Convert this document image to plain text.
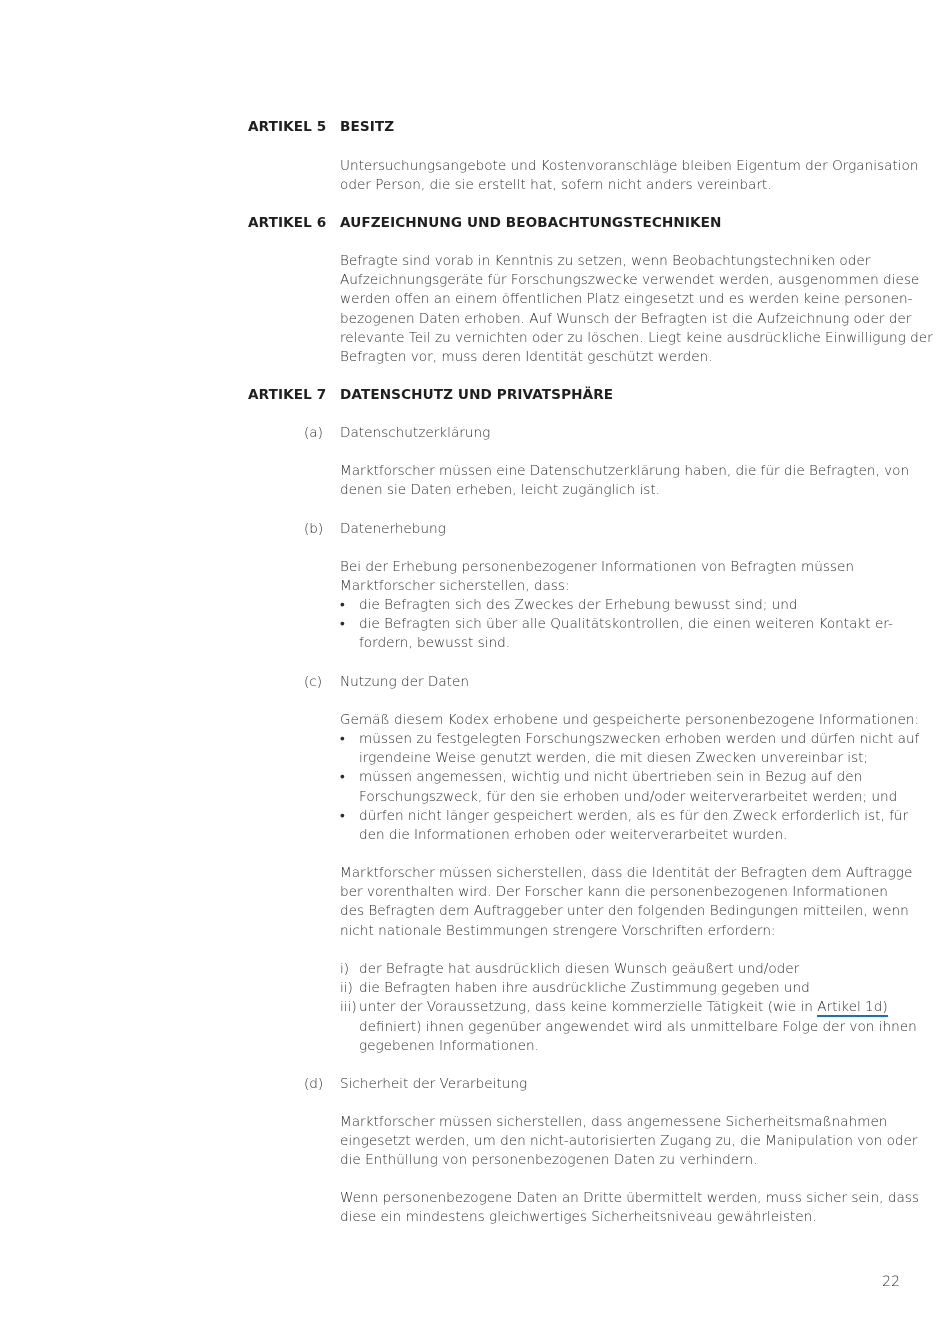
ARTIKEL 5 BESITZ
Untersuchungsangebote und Kostenvoranschläge bleiben Eigentum der Organisation
oder Person, die sie erstellt hat, sofern nicht anders vereinbart.
ARTIKEL 6 AUFZEICHNUNG UND BEOBACHTUNGSTECHNIKEN
Befragte sind vorab in Kenntnis zu setzen, wenn Beobachtungstechniken oder
Aufzeichnungsgeräte für Forschungszwecke verwendet werden, ausgenommen diese
werden offen an einem öffentlichen Platz eingesetzt und es werden keine personen-
bezogenen Daten erhoben. Auf Wunsch der Befragten ist die Aufzeichnung oder der
relevante Teil zu vernichten oder zu löschen. Liegt keine ausdrückliche Einwilligung der
Befragten vor, muss deren Identität geschützt werden.
ARTIKEL 7 DATENSCHUTZ UND PRIVATSPHÄRE
(a) Datenschutzerklärung
Marktforscher müssen eine Datenschutzerklärung haben, die für die Befragten, von
denen sie Daten erheben, leicht zugänglich ist.
(b) Datenerhebung
Bei der Erhebung personenbezogener Informationen von Befragten müssen
Marktforscher sicherstellen, dass:
• die Befragten sich des Zweckes der Erhebung bewusst sind; und
• die Befragten sich über alle Qualitätskontrollen, die einen weiteren Kontakt er-
fordern, bewusst sind.
(c) Nutzung der Daten
Gemäß diesem Kodex erhobene und gespeicherte personenbezogene Informationen:
• müssen zu festgelegten Forschungszwecken erhoben werden und dürfen nicht auf
irgendeine Weise genutzt werden, die mit diesen Zwecken unvereinbar ist;
• müssen angemessen, wichtig und nicht übertrieben sein in Bezug auf den
Forschungszweck, für den sie erhoben und/oder weiterverarbeitet werden; und
• dürfen nicht länger gespeichert werden, als es für den Zweck erforderlich ist, für
den die Informationen erhoben oder weiterverarbeitet wurden.
Marktforscher müssen sicherstellen, dass die Identität der Befragten dem Auftragge
ber vorenthalten wird. Der Forscher kann die personenbezogenen Informationen
des Befragten dem Auftraggeber unter den folgenden Bedingungen mitteilen, wenn
nicht nationale Bestimmungen strengere Vorschriften erfordern:
i) der Befragte hat ausdrücklich diesen Wunsch geäußert und/oder
ii) die Befragten haben ihre ausdrückliche Zustimmung gegeben und
iii) unter der Voraussetzung, dass keine kommerzielle Tätigkeit (wie in Artikel 1d)
definiert) ihnen gegenüber angewendet wird als unmittelbare Folge der von ihnen
gegebenen Informationen.
(d) Sicherheit der Verarbeitung
Marktforscher müssen sicherstellen, dass angemessene Sicherheitsmaßnahmen
eingesetzt werden, um den nicht-autorisierten Zugang zu, die Manipulation von oder
die Enthüllung von personenbezogenen Daten zu verhindern.
Wenn personenbezogene Daten an Dritte übermittelt werden, muss sicher sein, dass
diese ein mindestens gleichwertiges Sicherheitsniveau gewährleisten.
22
